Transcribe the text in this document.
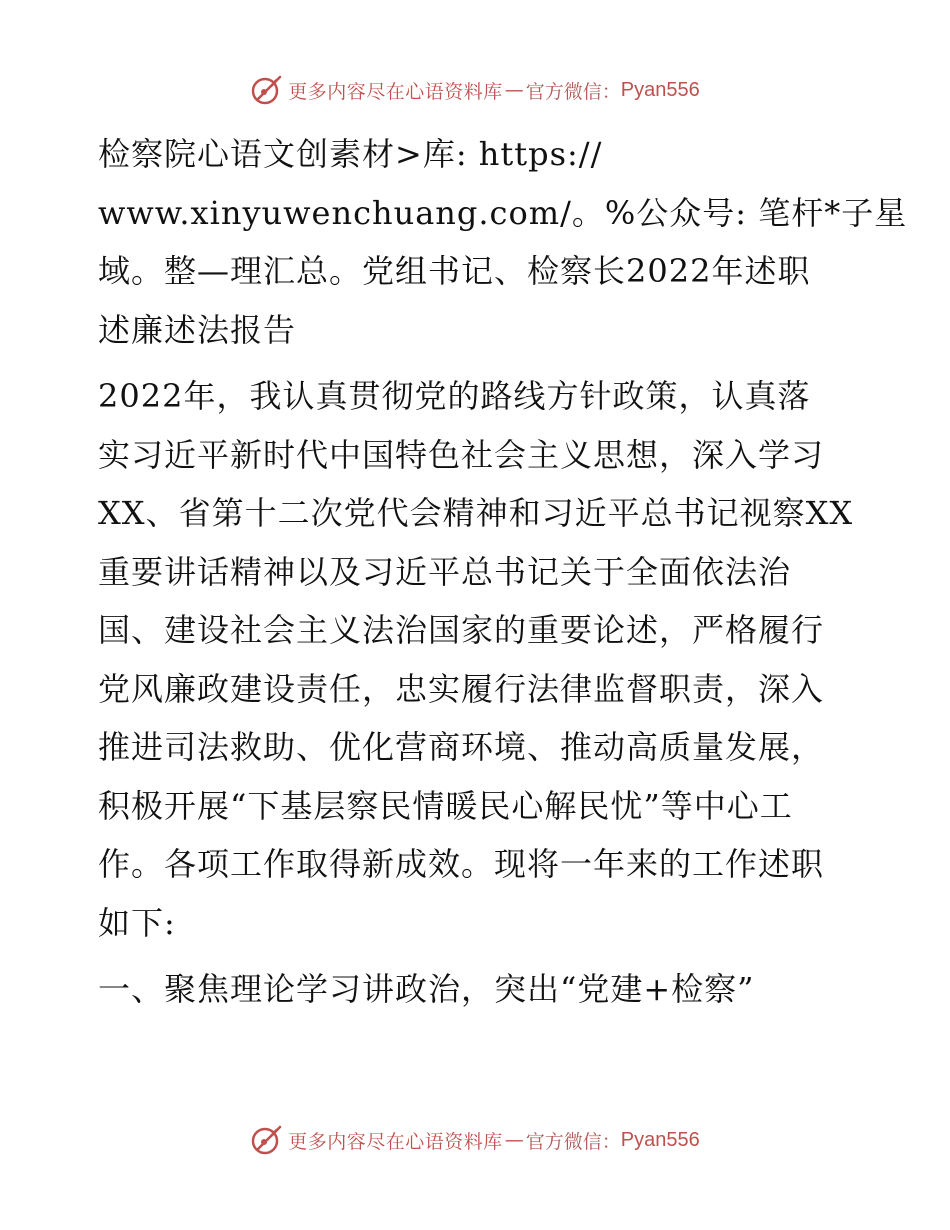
更多内容尽在心语资料库 — 官方微信： Pyan556

检察院心语文创素材>库: https://
www.xinyuwenchuang.com/。%公众号: 笔杆*子星
域。整—理汇总。党组书记、检察长2022年述职
述廉述法报告

2022年，我认真贯彻党的路线方针政策，认真落
实习近平新时代中国特色社会主义思想，深入学习
XX、省第十二次党代会精神和习近平总书记视察XX
重要讲话精神以及习近平总书记关于全面依法治
国、建设社会主义法治国家的重要论述，严格履行
党风廉政建设责任，忠实履行法律监督职责，深入
推进司法救助、优化营商环境、推动高质量发展，
积极开展“下基层察民情暖民心解民忧”等中心工
作。各项工作取得新成效。现将一年来的工作述职
如下:

一、聚焦理论学习讲政治，突出“党建+检察”

更多内容尽在心语资料库 — 官方微信： Pyan556
